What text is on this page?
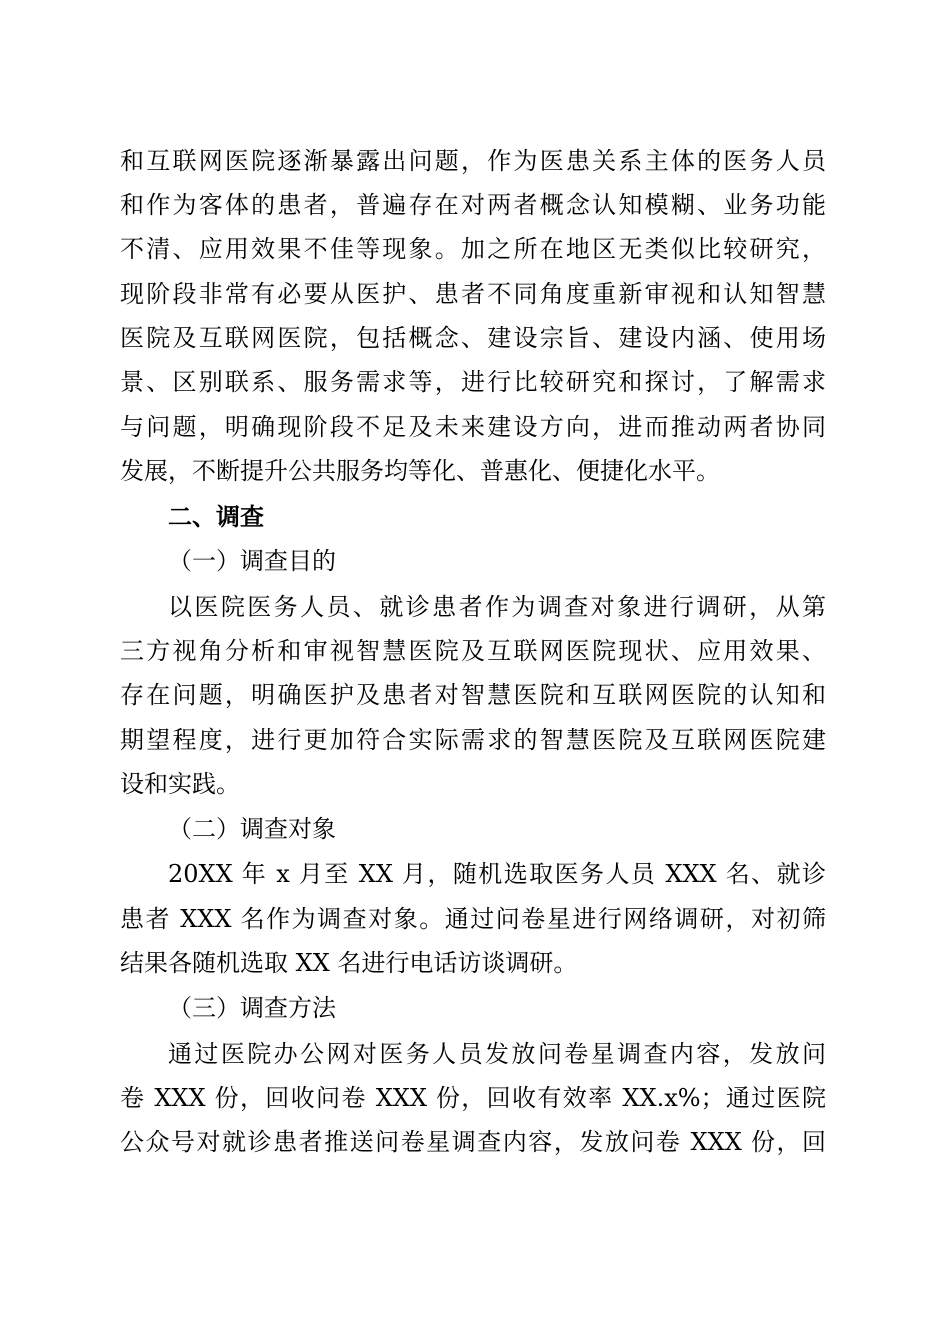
和互联网医院逐渐暴露出问题，作为医患关系主体的医务人员
和作为客体的患者，普遍存在对两者概念认知模糊、业务功能
不清、应用效果不佳等现象。加之所在地区无类似比较研究，
现阶段非常有必要从医护、患者不同角度重新审视和认知智慧
医院及互联网医院，包括概念、建设宗旨、建设内涵、使用场
景、区别联系、服务需求等，进行比较研究和探讨，了解需求
与问题，明确现阶段不足及未来建设方向，进而推动两者协同
发展，不断提升公共服务均等化、普惠化、便捷化水平。
二、调查
（一）调查目的
以医院医务人员、就诊患者作为调查对象进行调研，从第
三方视角分析和审视智慧医院及互联网医院现状、应用效果、
存在问题，明确医护及患者对智慧医院和互联网医院的认知和
期望程度，进行更加符合实际需求的智慧医院及互联网医院建
设和实践。
（二）调查对象
20XX 年 x 月至 XX 月，随机选取医务人员 XXX 名、就诊
患者 XXX 名作为调查对象。通过问卷星进行网络调研，对初筛
结果各随机选取 XX 名进行电话访谈调研。
（三）调查方法
通过医院办公网对医务人员发放问卷星调查内容，发放问
卷 XXX 份，回收问卷 XXX 份，回收有效率 XX.x%；通过医院
公众号对就诊患者推送问卷星调查内容，发放问卷 XXX 份，回
